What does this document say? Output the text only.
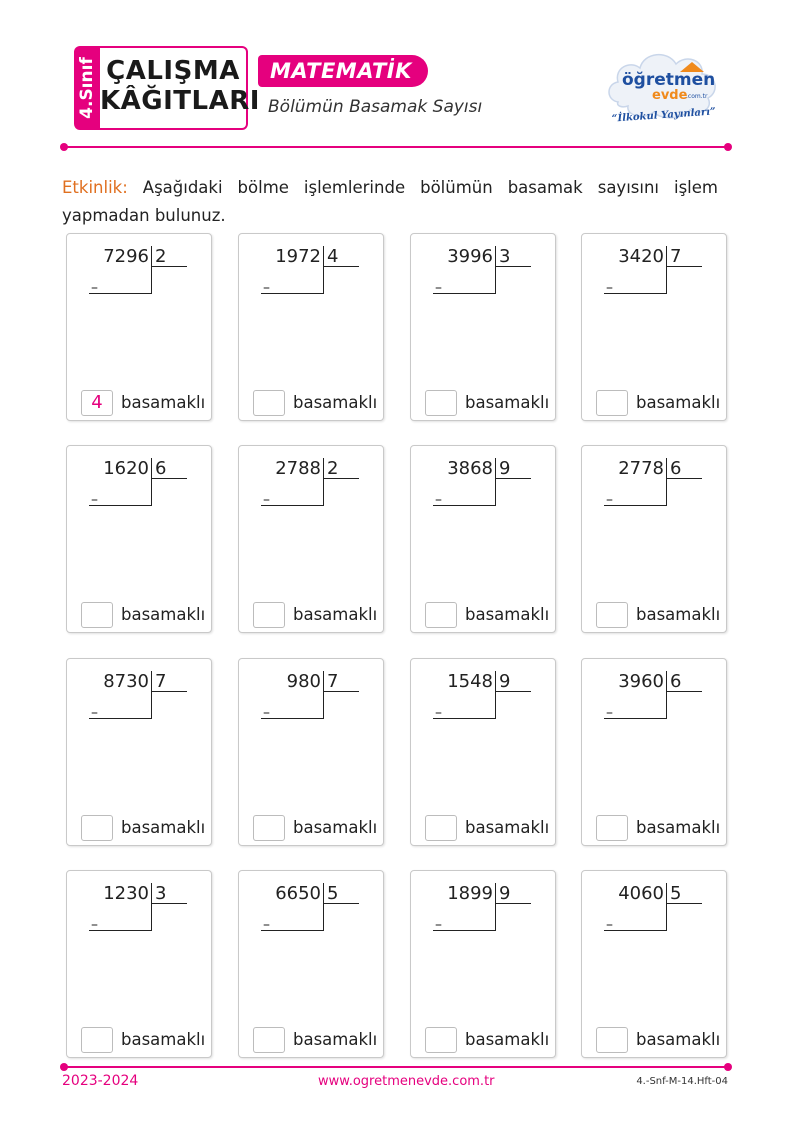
4.Sınıf ÇALIŞMA
KÂĞITLARI
MATEMATİK
Bölümün Basamak Sayısı
öğretmen
evde
.com.tr
“İlkokul Yayınları”
Etkinlik: Aşağıdaki bölme işlemlerinde bölümün basamak sayısını işlem yapmadan bulunuz.
7296 2
–
4	basamaklı
1972 4
–
basamaklı
3996 3
–
basamaklı
3420 7
–
basamaklı
1620 6
–
basamaklı
2788 2
–
basamaklı
3868 9
–
basamaklı
2778 6
–
basamaklı
8730 7
–
basamaklı
980 7
–
basamaklı
1548 9
–
basamaklı
3960 6
–
basamaklı
1230 3
–
basamaklı
6650 5
–
basamaklı
1899 9
–
basamaklı
4060 5
–
basamaklı
2023-2024	www.ogretmenevde.com.tr	4.-Snf-M-14.Hft-04
